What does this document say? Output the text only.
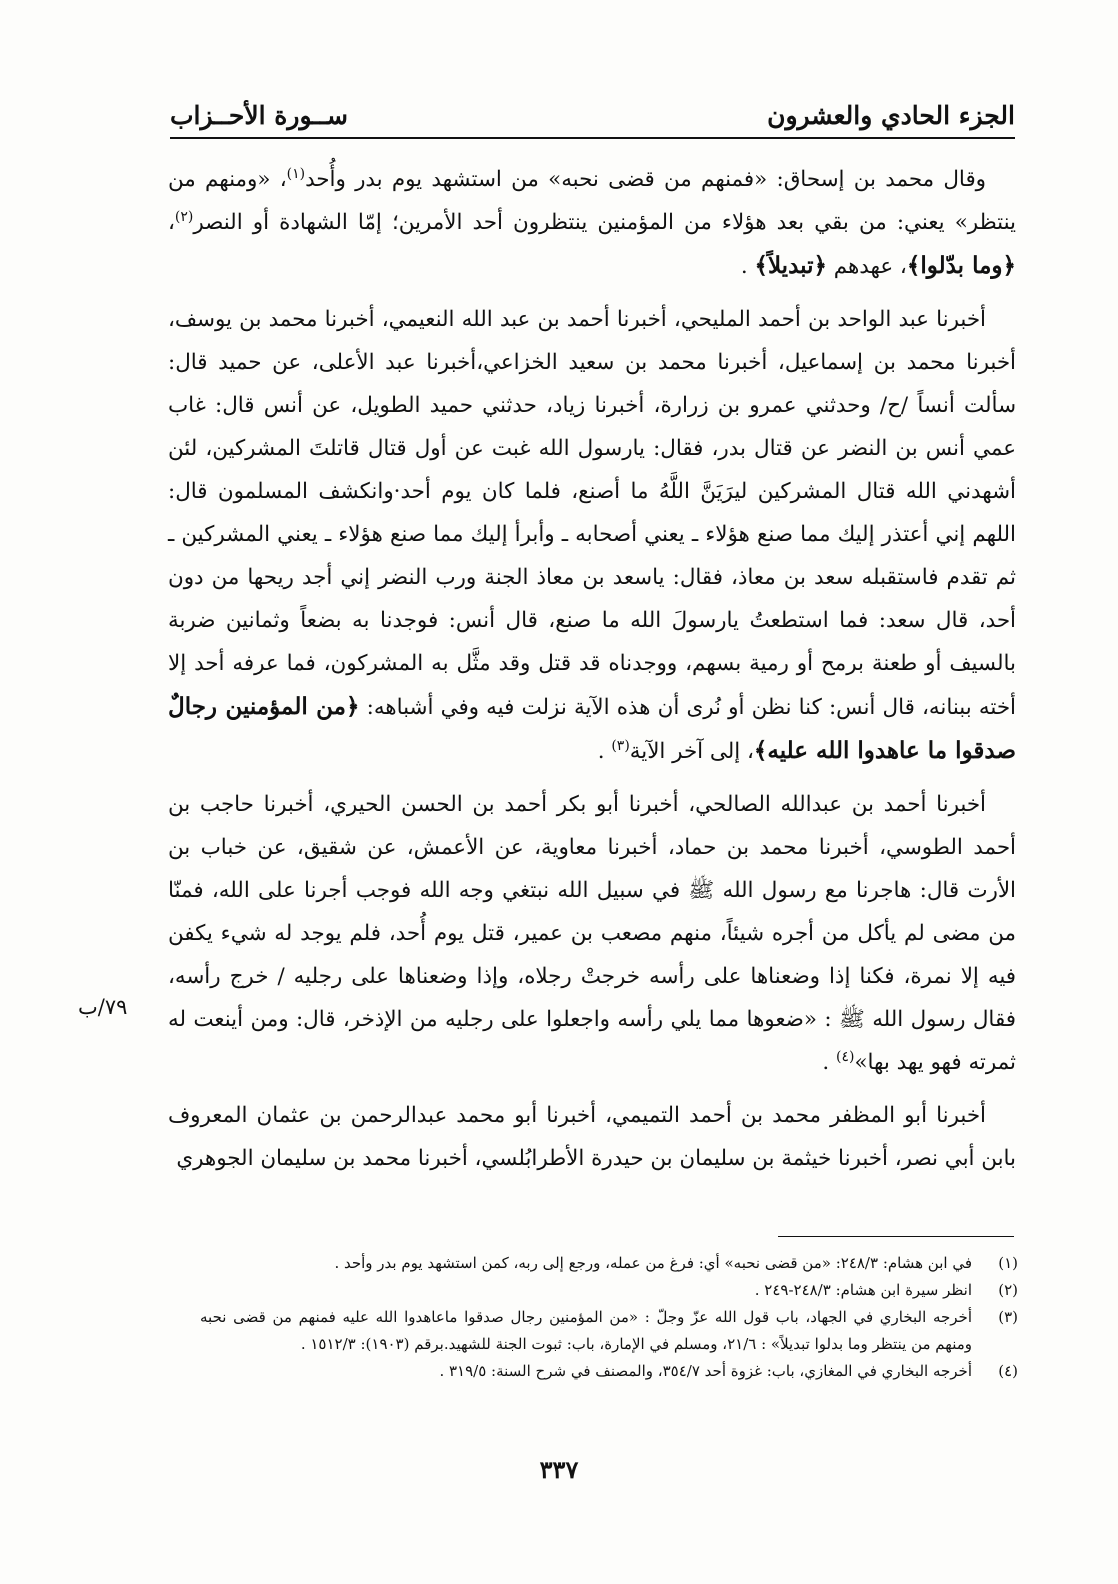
الجزء الحادي والعشرون
ســورة الأحــزاب

وقال محمد بن إسحاق: «فمنهم من قضى نحبه» من استشهد يوم بدر وأُحد$^{(١)}$، «ومنهم من ينتظر» يعني: من بقي بعد هؤلاء من المؤمنين ينتظرون أحد الأمرين؛ إمّا الشهادة أو النصر$^{(٢)}$، ﴿وما بدّلوا﴾، عهدهم ﴿تبديلاً﴾ .

أخبرنا عبد الواحد بن أحمد المليحي، أخبرنا أحمد بن عبد الله النعيمي، أخبرنا محمد بن يوسف، أخبرنا محمد بن إسماعيل، أخبرنا محمد بن سعيد الخزاعي،أخبرنا عبد الأعلى، عن حميد قال: سألت أنساً /ح/ وحدثني عمرو بن زرارة، أخبرنا زياد، حدثني حميد الطويل، عن أنس قال: غاب عمي أنس بن النضر عن قتال بدر، فقال: يارسول الله غبت عن أول قتال قاتلتَ المشركين، لئن أشهدني الله قتال المشركين ليرَيَنَّ اللَّهُ ما أصنع، فلما كان يوم أحد·وانكشف المسلمون قال: اللهم إني أعتذر إليك مما صنع هؤلاء ـ يعني أصحابه ـ وأبرأ إليك مما صنع هؤلاء ـ يعني المشركين ـ ثم تقدم فاستقبله سعد بن معاذ، فقال: ياسعد بن معاذ الجنة ورب النضر إني أجد ريحها من دون أحد، قال سعد: فما استطعتُ يارسولَ الله ما صنع، قال أنس: فوجدنا به بضعاً وثمانين ضربة بالسيف أو طعنة برمح أو رمية بسهم، ووجدناه قد قتل وقد مثَّل به المشركون، فما عرفه أحد إلا أخته ببنانه، قال أنس: كنا نظن أو نُرى أن هذه الآية نزلت فيه وفي أشباهه: ﴿من المؤمنين رجالٌ صدقوا ما عاهدوا الله عليه﴾، إلى آخر الآية$^{(٣)}$ .

أخبرنا أحمد بن عبدالله الصالحي، أخبرنا أبو بكر أحمد بن الحسن الحيري، أخبرنا حاجب بن أحمد الطوسي، أخبرنا محمد بن حماد، أخبرنا معاوية، عن الأعمش، عن شقيق، عن خباب بن الأرت قال: هاجرنا مع رسول الله ﷺ في سبيل الله نبتغي وجه الله فوجب أجرنا على الله، فمنّا من مضى لم يأكل من أجره شيئاً، منهم مصعب بن عمير، قتل يوم أُحد، فلم يوجد له شيء يكفن فيه إلا نمرة، فكنا إذا وضعناها على رأسه خرجتْ رجلاه، وإذا وضعناها على رجليه / خرج رأسه، فقال رسول الله ﷺ : «ضعوها مما يلي رأسه واجعلوا على رجليه من الإذخر، قال: ومن أينعت له ثمرته فهو يهد بها»$^{(٤)}$ .

أخبرنا أبو المظفر محمد بن أحمد التميمي، أخبرنا أبو محمد عبدالرحمن بن عثمان المعروف بابن أبي نصر، أخبرنا خيثمة بن سليمان بن حيدرة الأطرابُلسي، أخبرنا محمد بن سليمان الجوهري

٧٩/ب
(١)
في ابن هشام: ٢٤٨/٣: «من قضى نحبه» أي: فرغ من عمله، ورجع إلى ربه، كمن استشهد يوم بدر وأحد .
(٢)
انظر سيرة ابن هشام: ٢٤٨/٣-٢٤٩ .
(٣)
أخرجه البخاري في الجهاد، باب قول الله عزّ وجلّ : «من المؤمنين رجال صدقوا ماعاهدوا الله عليه فمنهم من قضى نحبه ومنهم من ينتظر وما بدلوا تبديلاً» : ٢١/٦، ومسلم في الإمارة، باب: ثبوت الجنة للشهيد.برقم (١٩٠٣): ١٥١٢/٣ .
(٤)
أخرجه البخاري في المغازي، باب: غزوة أحد ٣٥٤/٧، والمصنف في شرح السنة: ٣١٩/٥ .
٣٣٧
